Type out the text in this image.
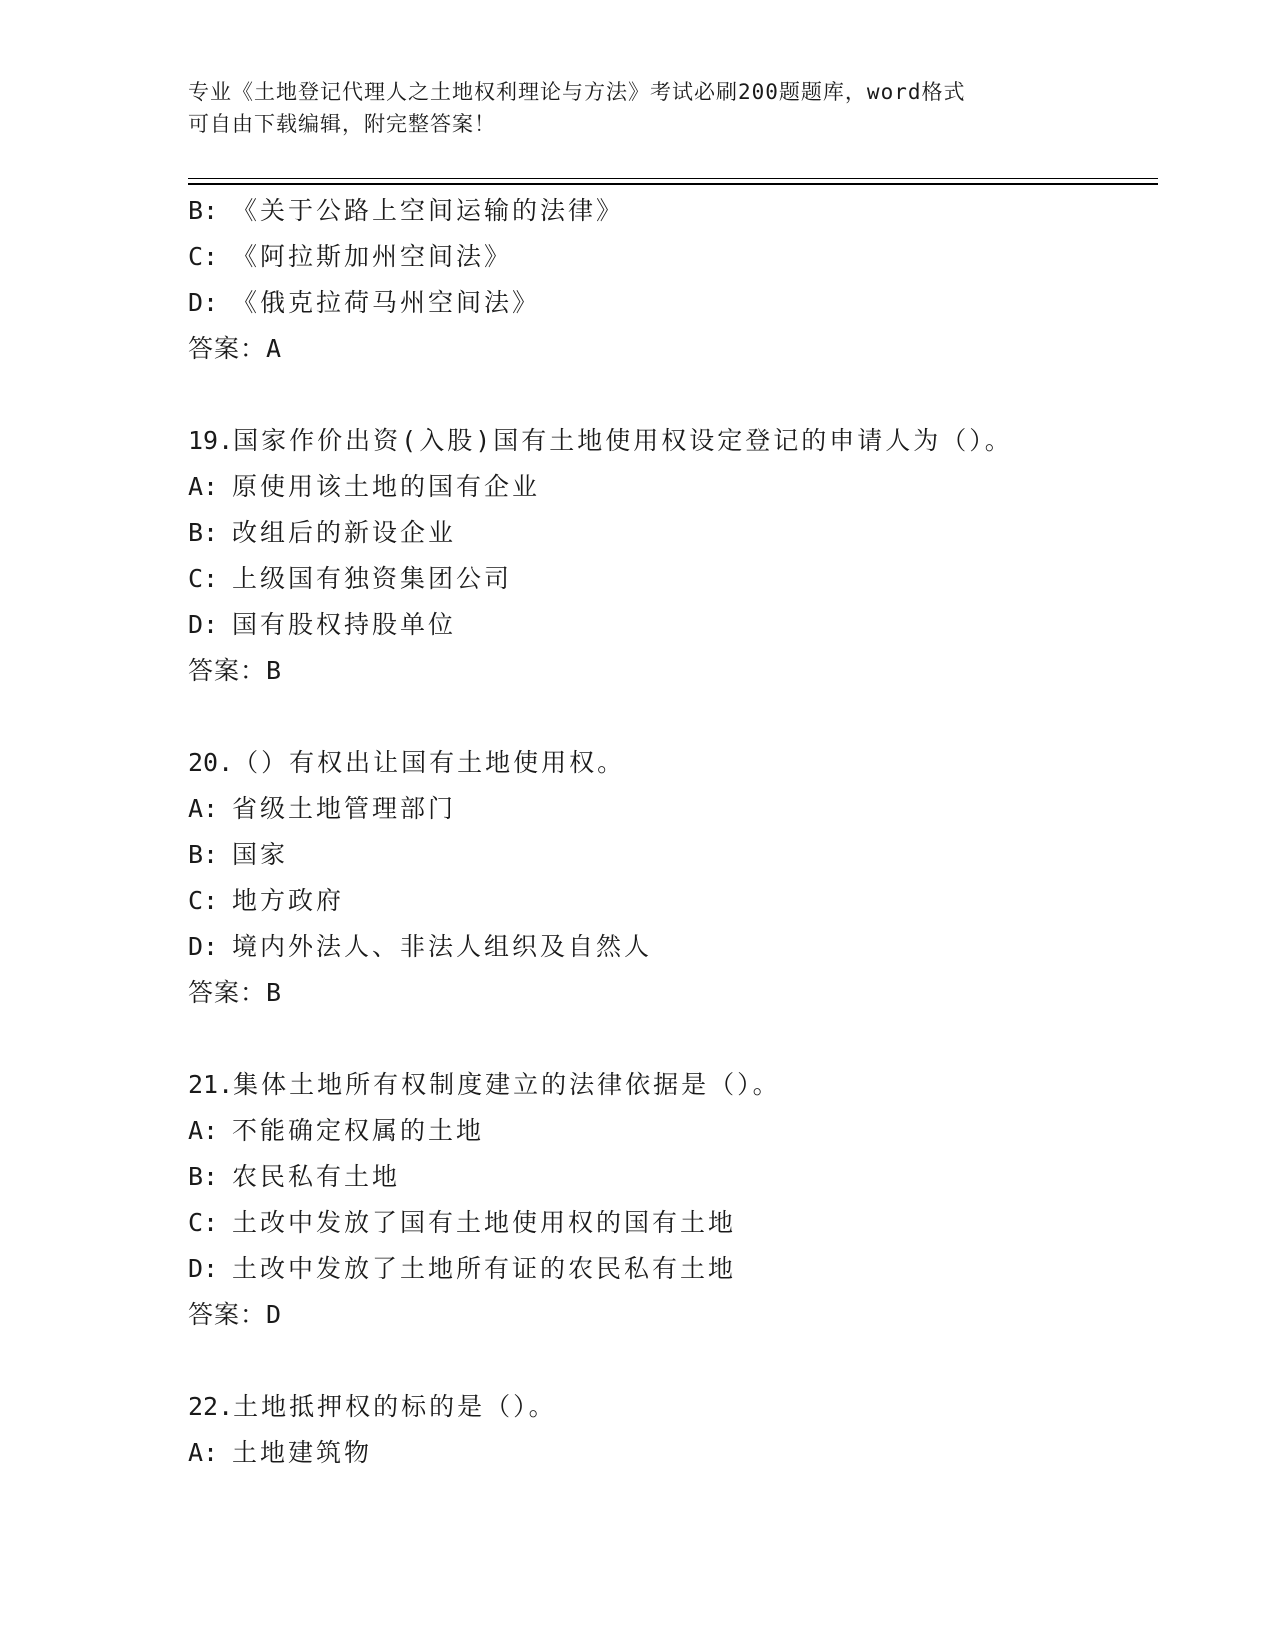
专业《土地登记代理人之土地权利理论与方法》考试必刷200题题库，word格式
可自由下载编辑，附完整答案！
B: 《关于公路上空间运输的法律》
C: 《阿拉斯加州空间法》
D: 《俄克拉荷马州空间法》
答案：A
19.国家作价出资(入股)国有土地使用权设定登记的申请人为（）。
A: 原使用该土地的国有企业
B: 改组后的新设企业
C: 上级国有独资集团公司
D: 国有股权持股单位
答案：B
20.（）有权出让国有土地使用权。
A: 省级土地管理部门
B: 国家
C: 地方政府
D: 境内外法人、非法人组织及自然人
答案：B
21.集体土地所有权制度建立的法律依据是（）。
A: 不能确定权属的土地
B: 农民私有土地
C: 土改中发放了国有土地使用权的国有土地
D: 土改中发放了土地所有证的农民私有土地
答案：D
22.土地抵押权的标的是（）。
A: 土地建筑物
